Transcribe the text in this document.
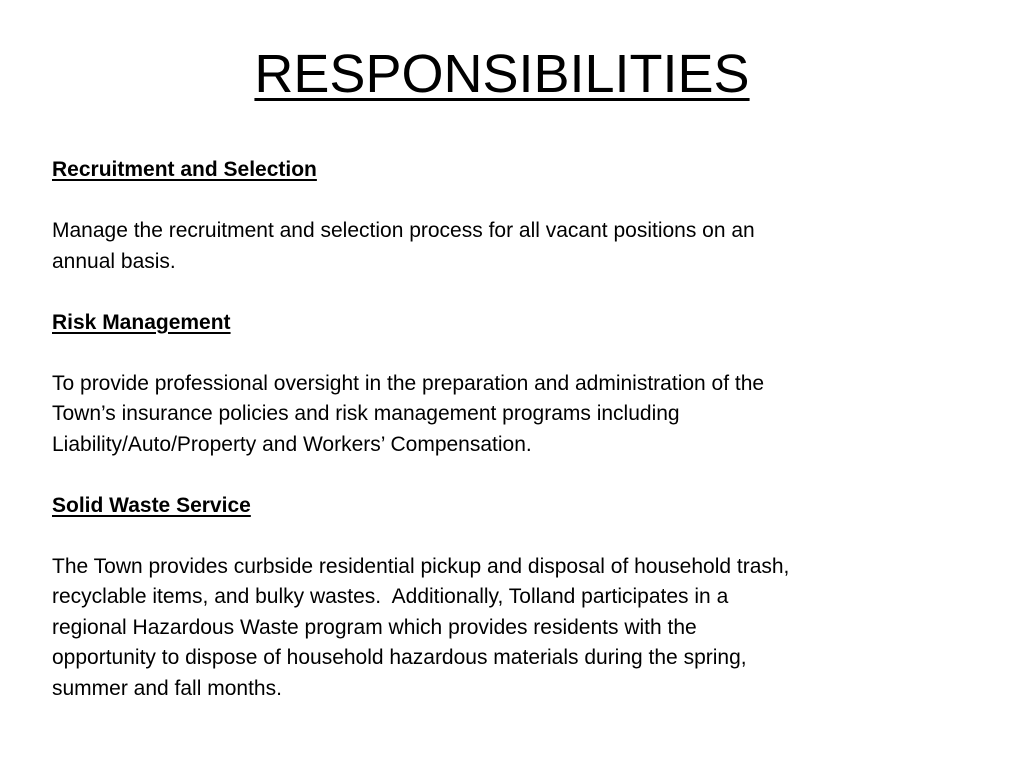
RESPONSIBILITIES

Recruitment and Selection

Manage the recruitment and selection process for all vacant positions on an

annual basis.

Risk Management

To provide professional oversight in the preparation and administration of the

Town’s insurance policies and risk management programs including

Liability/Auto/Property and Workers’ Compensation.

Solid Waste Service

The Town provides curbside residential pickup and disposal of household trash,

recyclable items, and bulky wastes.  Additionally, Tolland participates in a

regional Hazardous Waste program which provides residents with the

opportunity to dispose of household hazardous materials during the spring,

summer and fall months.
